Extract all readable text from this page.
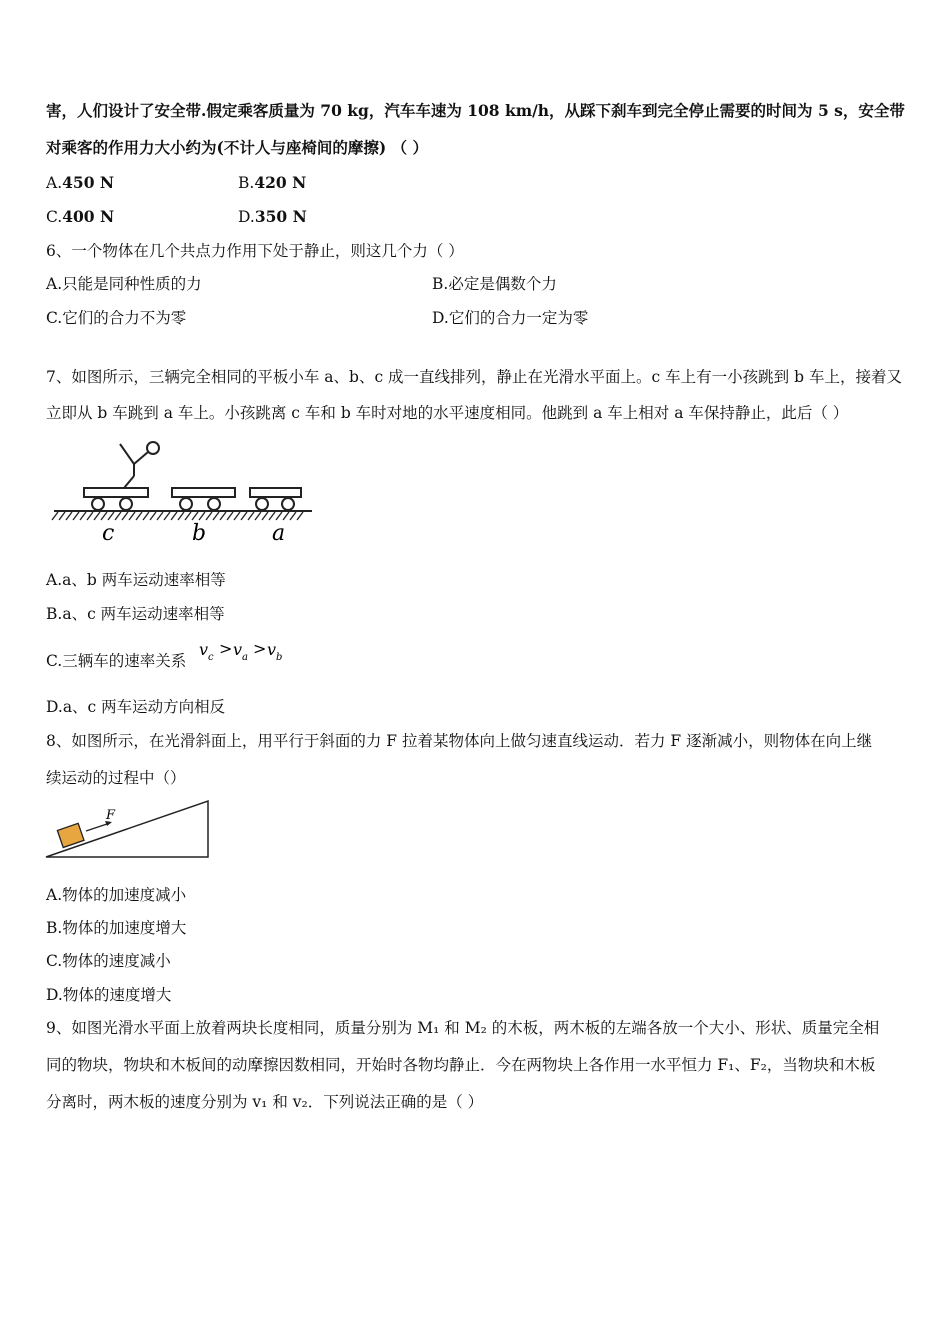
害，人们设计了安全带.假定乘客质量为 70 kg，汽车车速为 108 km/h，从踩下刹车到完全停止需要的时间为 5 s，安全带
对乘客的作用力大小约为(不计人与座椅间的摩擦) （ ）
A.450 N	B.420 N
C.400 N	D.350 N
6、一个物体在几个共点力作用下处于静止，则这几个力（ ）
A.只能是同种性质的力	B.必定是偶数个力
C.它们的合力不为零	D.它们的合力一定为零
7、如图所示，三辆完全相同的平板小车 a、b、c 成一直线排列，静止在光滑水平面上。c 车上有一小孩跳到 b 车上，接着又
立即从 b 车跳到 a 车上。小孩跳离 c 车和 b 车时对地的水平速度相同。他跳到 a 车上相对 a 车保持静止，此后（ ）
c	b	a
A.a、b 两车运动速率相等
B.a、c 两车运动速率相等
C.三辆车的速率关系
v c > v a > v b
D.a、c 两车运动方向相反
8、如图所示，在光滑斜面上，用平行于斜面的力 F 拉着某物体向上做匀速直线运动．若力 F 逐渐减小，则物体在向上继
续运动的过程中（）
F
A.物体的加速度减小
B.物体的加速度增大
C.物体的速度减小
D.物体的速度增大
9、如图光滑水平面上放着两块长度相同，质量分别为 M₁ 和 M₂ 的木板，两木板的左端各放一个大小、形状、质量完全相
同的物块，物块和木板间的动摩擦因数相同，开始时各物均静止．今在两物块上各作用一水平恒力 F₁、F₂，当物块和木板
分离时，两木板的速度分别为 v₁ 和 v₂．下列说法正确的是（ ）
